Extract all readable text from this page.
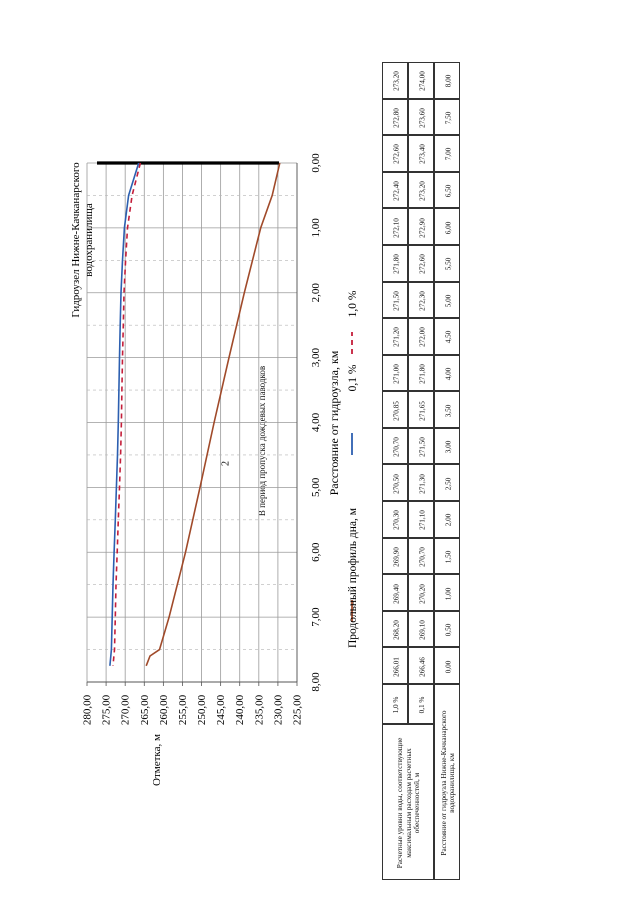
2	В период пропуска дождевых паводков
280,00 275,00 270,00 265,00 260,00 255,00 250,00 245,00 240,00 235,00 230,00 225,00
0,00
1,00
2,00
3,00
4,00
5,00
6,00
7,00
8,00
Отметка, м
Расстояние от гидроузла, км
Гидроузел Нижне-Качканарскоговодохранилища
Продольный профиль дна, м
0,1 %
1,0 %
266,01	266,46	0,00
268,20	269,10	0,50
269,40	270,20	1,00
269,90	270,70	1,50
270,30	271,10	2,00
270,50	271,30	2,50
270,70	271,50	3,00
270,85	271,65	3,50
271,00	271,80	4,00
271,20	272,00	4,50
271,50	272,30	5,00
271,80	272,60	5,50
272,10	272,90	6,00
272,40	273,20	6,50
272,60	273,40	7,00
272,80	273,60	7,50
273,20	274,00	8,00
1,0 %	0,1 %
Расчетные уровни воды, соответствующие максимальным расходам расчетных обеспеченностей, м	Расстояние от гидроузла Нижне-Качканарского водохранилища, км
